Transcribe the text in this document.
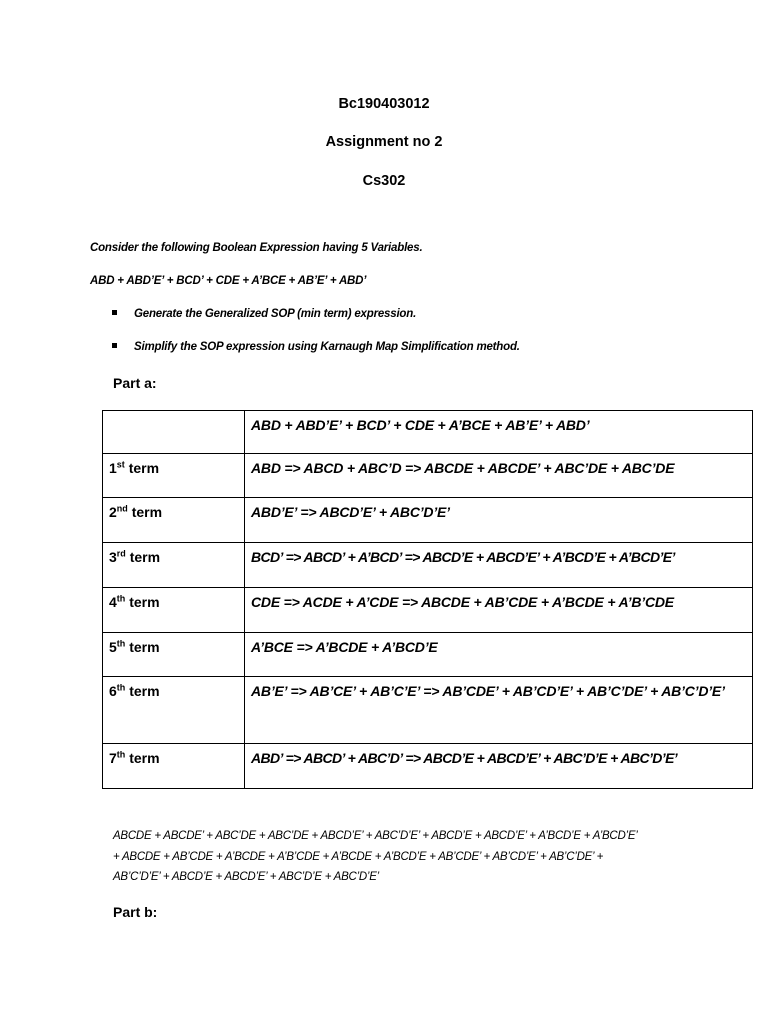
Bc190403012
Assignment no 2
Cs302
Consider the following Boolean Expression having 5 Variables.
ABD + ABD’E’ + BCD’ + CDE + A’BCE + AB’E’ + ABD’
Generate the Generalized SOP (min term) expression.
Simplify the SOP expression using Karnaugh Map Simplification method.
Part a:
	ABD + ABD’E’ + BCD’ + CDE + A’BCE + AB’E’ + ABD’
1st term	ABD => ABCD + ABC’D => ABCDE + ABCDE’ + ABC’DE + ABC’DE
2nd term	ABD’E’ => ABCD’E’ + ABC’D’E’
3rd term	BCD’ => ABCD’ + A’BCD’ => ABCD’E + ABCD’E’ + A’BCD’E + A’BCD’E’
4th term	CDE => ACDE + A’CDE => ABCDE + AB’CDE + A’BCDE + A’B’CDE
5th term	A’BCE => A’BCDE + A’BCD’E
6th term	AB’E’ => AB’CE’ + AB’C’E’ => AB’CDE’ + AB’CD’E’ + AB’C’DE’ + AB’C’D’E’
7th term	ABD’ => ABCD’ + ABC’D’ => ABCD’E + ABCD’E’ + ABC’D’E + ABC’D’E’
ABCDE + ABCDE’ + ABC’DE + ABC’DE + ABCD’E’ + ABC’D’E’ + ABCD’E + ABCD’E’ + A’BCD’E + A’BCD’E’
+ ABCDE + AB’CDE + A’BCDE + A’B’CDE + A’BCDE + A’BCD’E + AB’CDE’ + AB’CD’E’ + AB’C’DE’ +
AB’C’D’E’ + ABCD’E + ABCD’E’ + ABC’D’E + ABC’D’E’
Part b:
